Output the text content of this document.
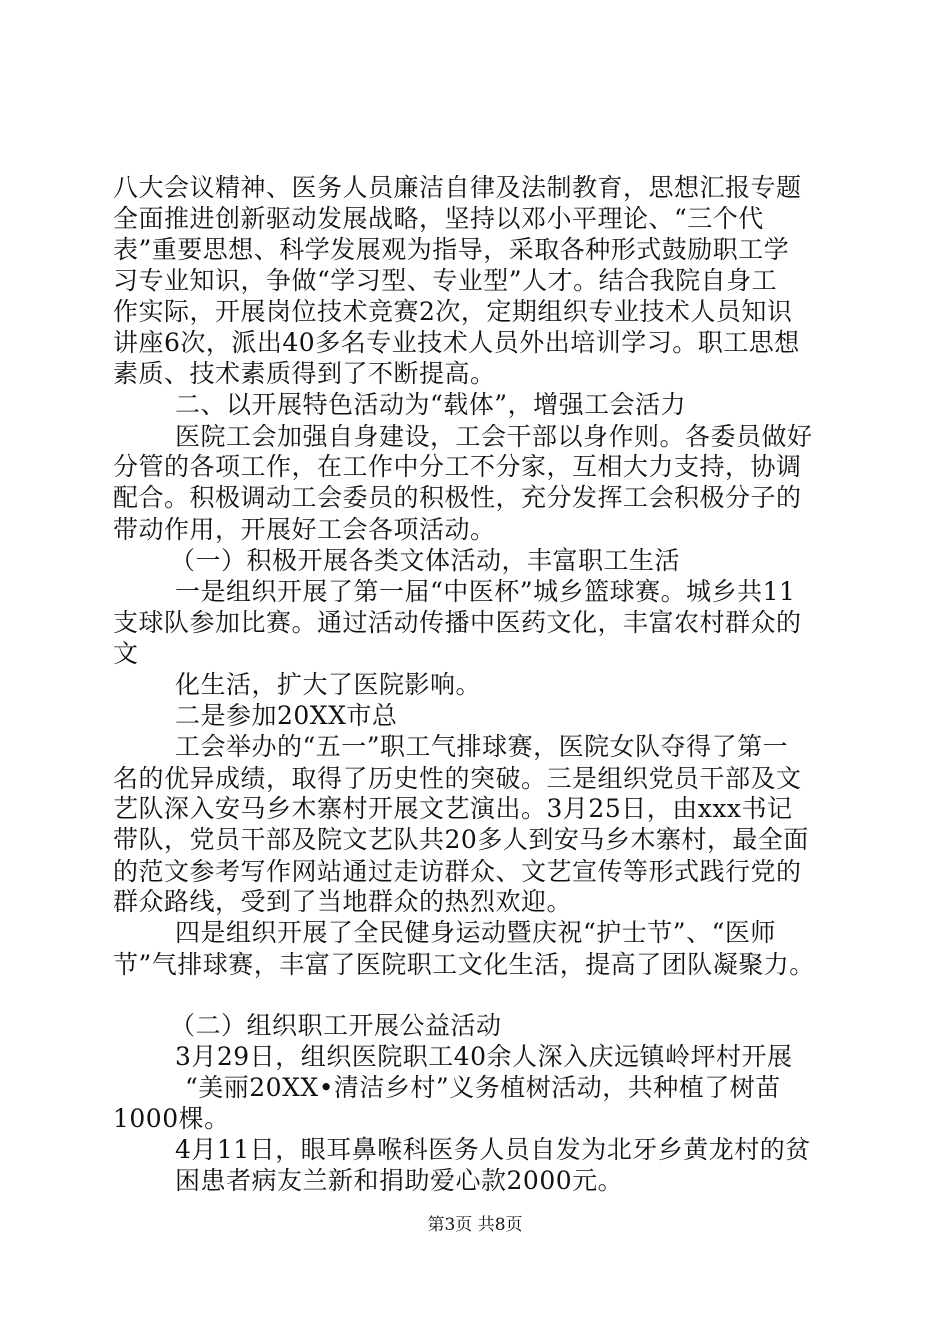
八大会议精神、医务人员廉洁自律及法制教育，思想汇报专题
全面推进创新驱动发展战略，坚持以邓小平理论、“三个代
表”重要思想、科学发展观为指导，采取各种形式鼓励职工学
习专业知识，争做“学习型、专业型”人才。结合我院自身工
作实际，开展岗位技术竞赛2次，定期组织专业技术人员知识
讲座6次，派出40多名专业技术人员外出培训学习。职工思想
素质、技术素质得到了不断提高。
二、以开展特色活动为“载体”，增强工会活力
医院工会加强自身建设，工会干部以身作则。各委员做好
分管的各项工作，在工作中分工不分家，互相大力支持，协调
配合。积极调动工会委员的积极性，充分发挥工会积极分子的
带动作用，开展好工会各项活动。
（一）积极开展各类文体活动，丰富职工生活
一是组织开展了第一届“中医杯”城乡篮球赛。城乡共11
支球队参加比赛。通过活动传播中医药文化，丰富农村群众的
文
化生活，扩大了医院影响。
二是参加20XX市总
工会举办的“五一”职工气排球赛，医院女队夺得了第一
名的优异成绩，取得了历史性的突破。三是组织党员干部及文
艺队深入安马乡木寨村开展文艺演出。3月25日，由xxx书记
带队，党员干部及院文艺队共20多人到安马乡木寨村，最全面
的范文参考写作网站通过走访群众、文艺宣传等形式践行党的
群众路线，受到了当地群众的热烈欢迎。
四是组织开展了全民健身运动暨庆祝“护士节”、“医师
节”气排球赛，丰富了医院职工文化生活，提高了团队凝聚力。
（二）组织职工开展公益活动
3月29日，组织医院职工40余人深入庆远镇岭坪村开展
“美丽20XX•清洁乡村”义务植树活动，共种植了树苗
1000棵。
4月11日，眼耳鼻喉科医务人员自发为北牙乡黄龙村的贫
困患者病友兰新和捐助爱心款2000元。
第3页 共8页
